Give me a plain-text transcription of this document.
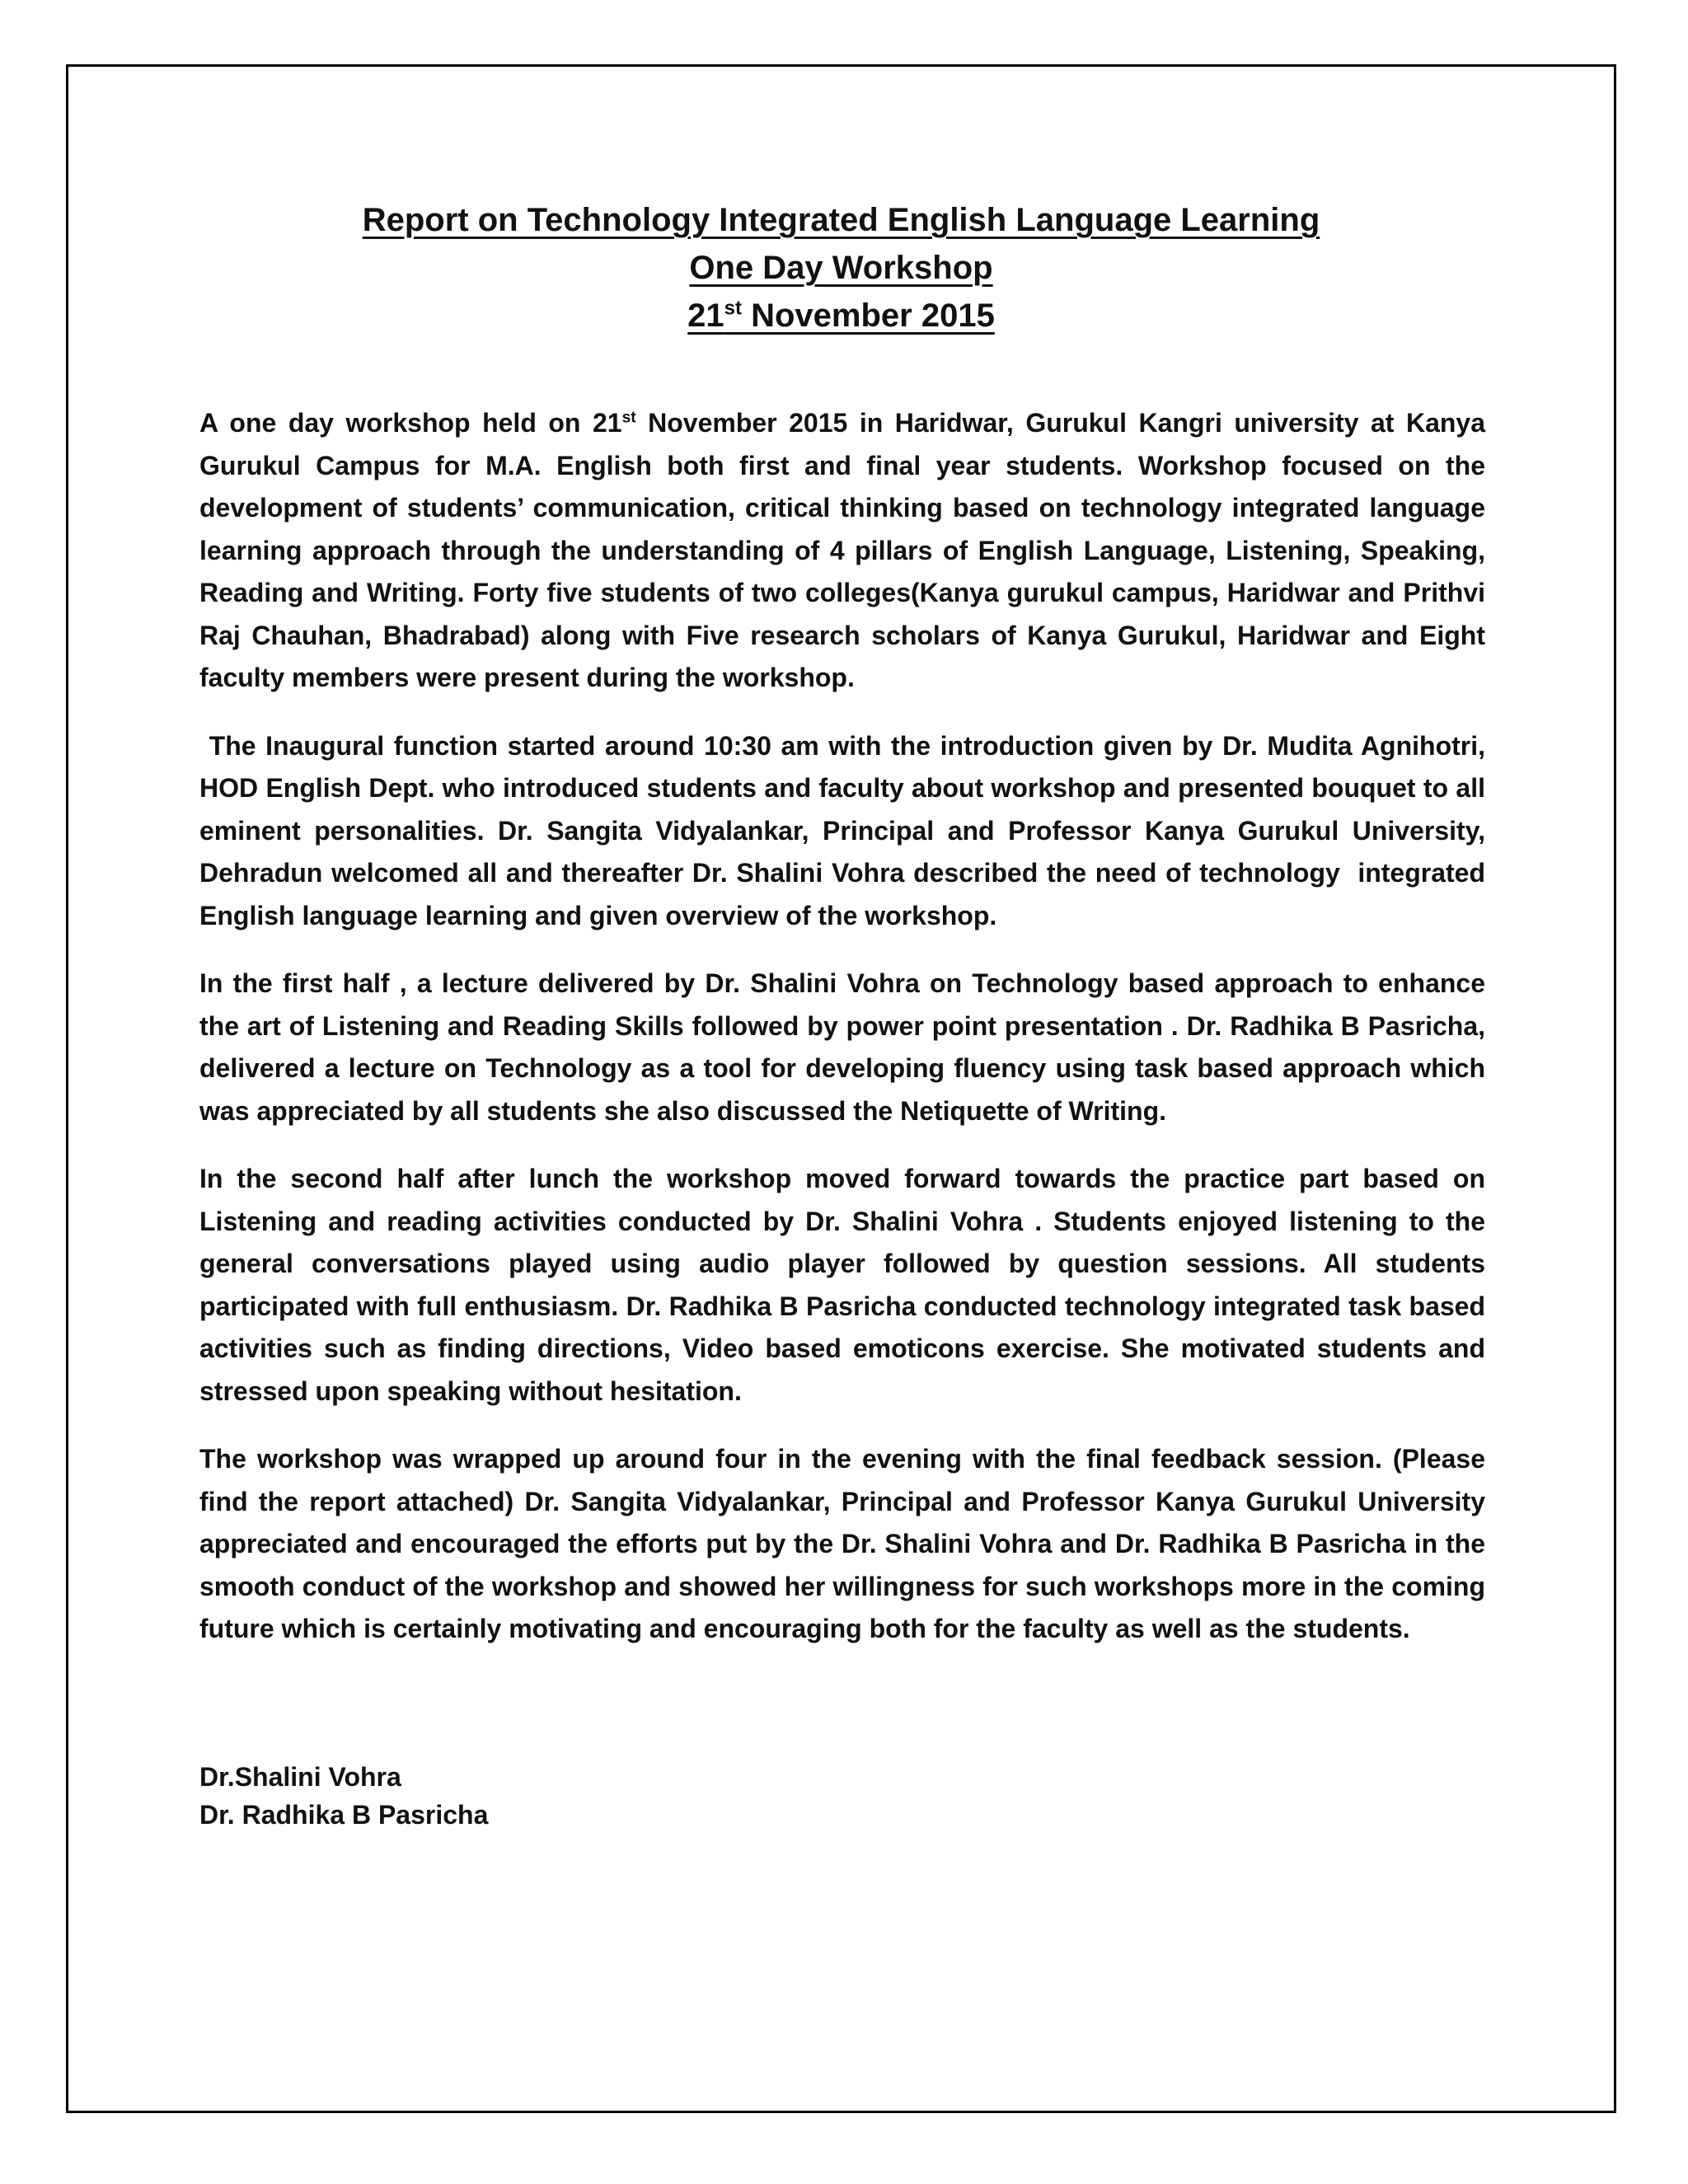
Report on Technology Integrated English Language Learning
One Day Workshop
21st November 2015

A one day workshop held on 21st November 2015 in Haridwar, Gurukul Kangri university at Kanya Gurukul Campus for M.A. English both first and final year students. Workshop focused on the development of students’ communication, critical thinking based on technology integrated language learning approach through the understanding of 4 pillars of English Language, Listening, Speaking, Reading and Writing. Forty five students of two colleges(Kanya gurukul campus, Haridwar and Prithvi Raj Chauhan, Bhadrabad) along with Five research scholars of Kanya Gurukul, Haridwar and Eight faculty members were present during the workshop.

The Inaugural function started around 10:30 am with the introduction given by Dr. Mudita Agnihotri, HOD English Dept. who introduced students and faculty about workshop and presented bouquet to all eminent personalities. Dr. Sangita Vidyalankar, Principal and Professor Kanya Gurukul University, Dehradun welcomed all and thereafter Dr. Shalini Vohra described the need of technology  integrated English language learning and given overview of the workshop.

In the first half , a lecture delivered by Dr. Shalini Vohra on Technology based approach to enhance the art of Listening and Reading Skills followed by power point presentation . Dr. Radhika B Pasricha, delivered a lecture on Technology as a tool for developing fluency using task based approach which was appreciated by all students she also discussed the Netiquette of Writing.

In the second half after lunch the workshop moved forward towards the practice part based on Listening and reading activities conducted by Dr. Shalini Vohra . Students enjoyed listening to the general conversations played using audio player followed by question sessions. All students participated with full enthusiasm. Dr. Radhika B Pasricha conducted technology integrated task based activities such as finding directions, Video based emoticons exercise. She motivated students and stressed upon speaking without hesitation.

The workshop was wrapped up around four in the evening with the final feedback session. (Please find the report attached) Dr. Sangita Vidyalankar, Principal and Professor Kanya Gurukul University appreciated and encouraged the efforts put by the Dr. Shalini Vohra and Dr. Radhika B Pasricha in the smooth conduct of the workshop and showed her willingness for such workshops more in the coming future which is certainly motivating and encouraging both for the faculty as well as the students.

Dr.Shalini Vohra
Dr. Radhika B Pasricha
